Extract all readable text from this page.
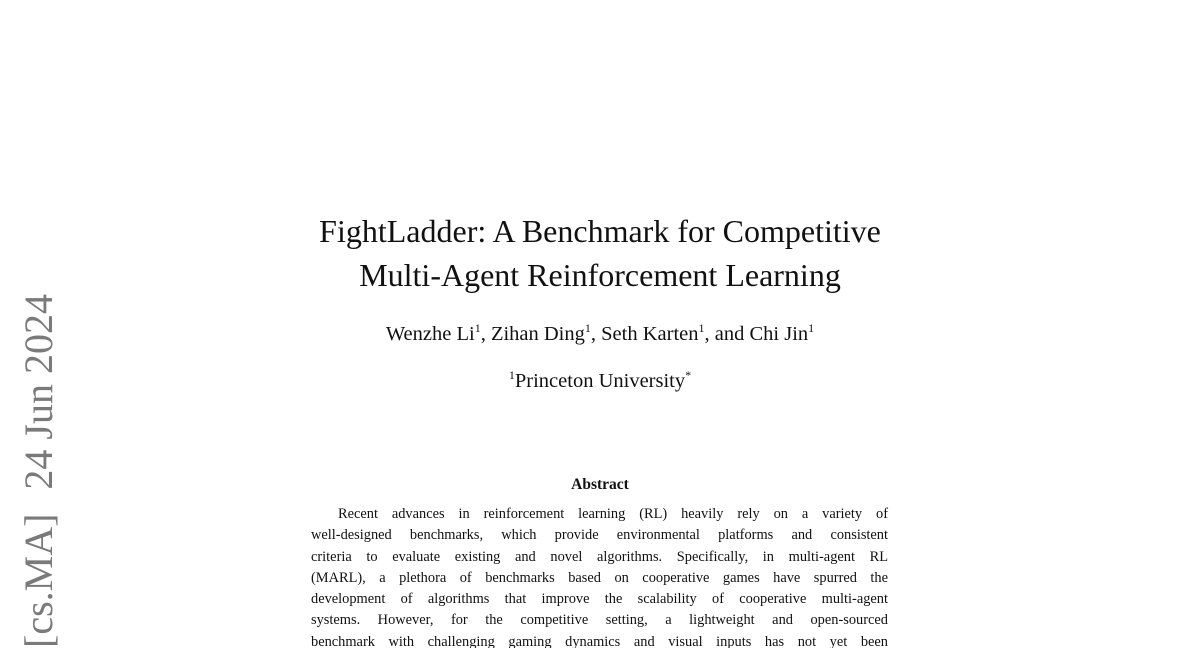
[cs.MA]24 Jun 2024
FightLadder: A Benchmark for Competitive
Multi-Agent Reinforcement Learning
Wenzhe Li$^1$, Zihan Ding$^1$, Seth Karten$^1$, and Chi Jin$^1$
$^1$Princeton University*
Abstract
Recent advances in reinforcement learning (RL) heavily rely on a variety of
well-designed benchmarks, which provide environmental platforms and consistent
criteria to evaluate existing and novel algorithms. Specifically, in multi-agent RL
(MARL), a plethora of benchmarks based on cooperative games have spurred the
development of algorithms that improve the scalability of cooperative multi-agent
systems. However, for the competitive setting, a lightweight and open-sourced
benchmark with challenging gaming dynamics and visual inputs has not yet been
